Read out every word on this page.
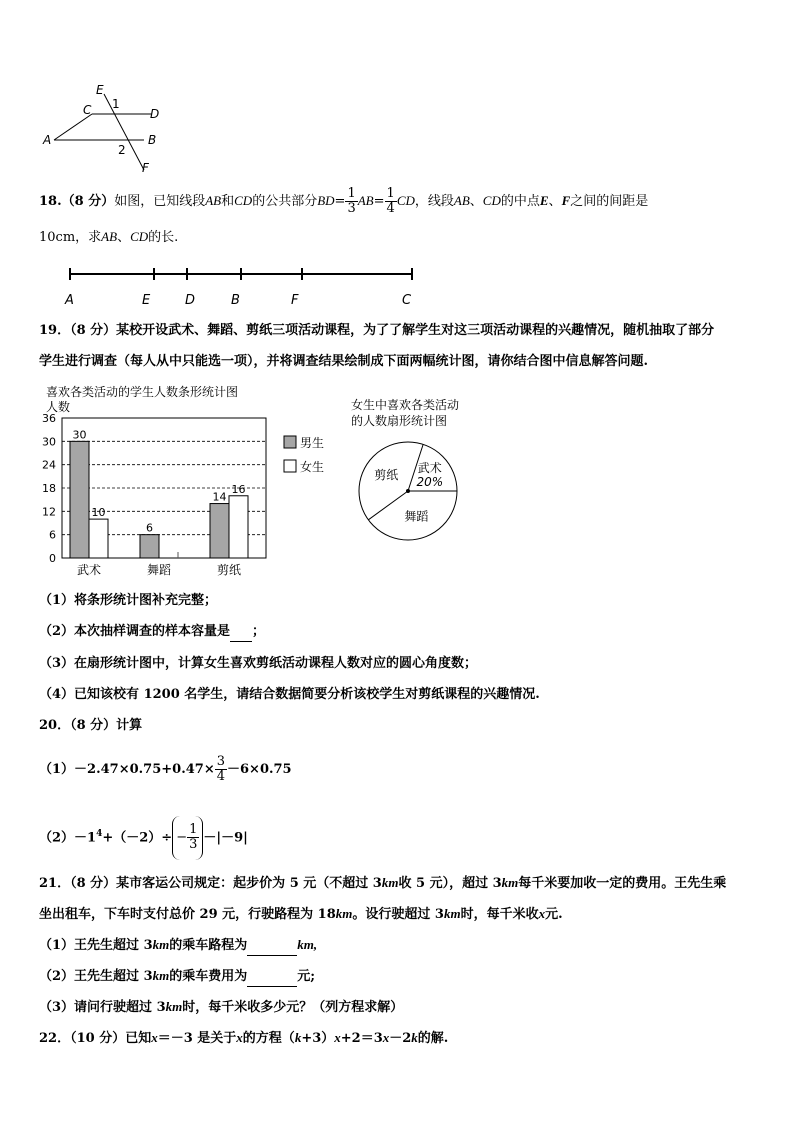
E
C 1
D
A	B
2
F
18.（8 分）如图，已知线段AB和CD的公共部分$BD= \frac{1}{3} AB= \frac{1}{4}$ CD，线段AB、CD的中点E、F之间的间距是
10cm，求AB、CD的长.
A	E	D	B	F	C
19．（8 分）某校开设武术、舞蹈、剪纸三项活动课程，为了了解学生对这三项活动课程的兴趣情况，随机抽取了部分
学生进行调查（每人从中只能选一项），并将调查结果绘制成下面两幅统计图，请你结合图中信息解答问题.
喜欢各类活动的学生人数条形统计图
人数
0
6
12
18
24
30
36
30
10
武术
6
舞蹈
14
16
剪纸
男生
女生
女生中喜欢各类活动
的人数扇形统计图
武术
20%
剪纸
舞蹈
（1）将条形统计图补充完整；
（2）本次抽样调查的样本容量是 ；
（3）在扇形统计图中，计算女生喜欢剪纸活动课程人数对应的圆心角度数；
（4）已知该校有 1200 名学生，请结合数据简要分析该校学生对剪纸课程的兴趣情况.
20．（8 分）计算
$(1)-2.47\times 0.75+0.47\times \frac{3}{4} -6\times 0.75$
$(2)-1^4+(-2)\div - \frac{1}{3} -|-9|$
21．（8 分）某市客运公司规定：起步价为 5 元（不超过 3km收 5 元），超过 3km每千米要加收一定的费用。王先生乘
坐出租车，下车时支付总价 29 元，行驶路程为 18km。设行驶超过 3km时，每千米收x元.
（1）王先生超过 3km的乘车路程为	km,
（2）王先生超过 3km的乘车费用为	元;
（3）请问行驶超过 3km时，每千米收多少元？（列方程求解）
22．（10 分）已知x＝－3 是关于x的方程（k+3）x+2＝3x－2k的解.
